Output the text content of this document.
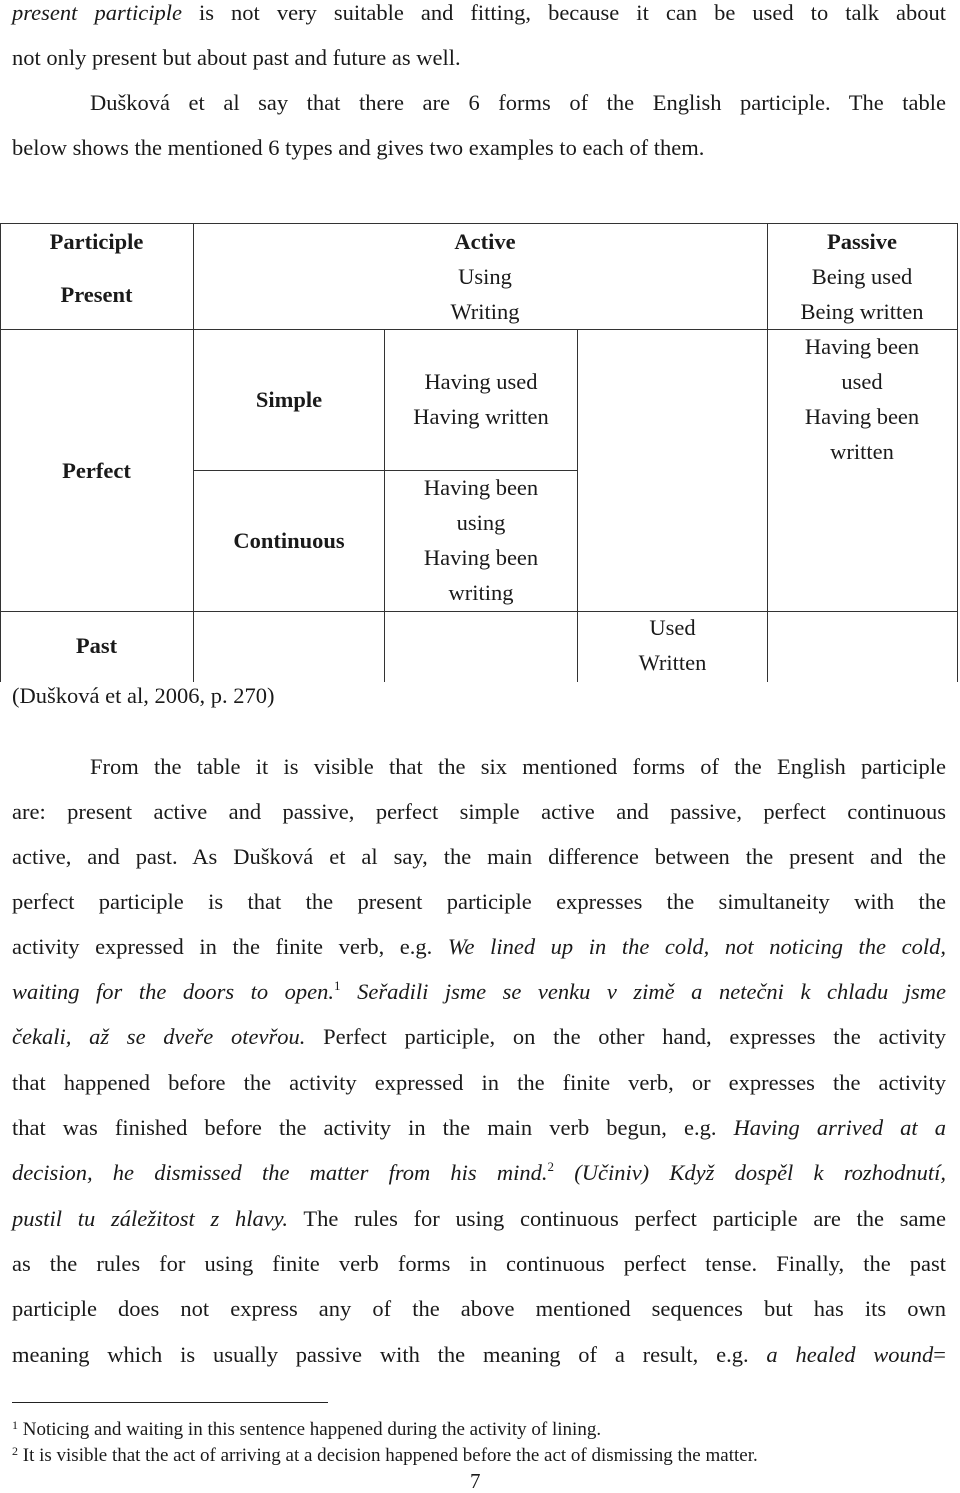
present participle is not very suitable and fitting, because it can be used to talk about
not only present but about past and future as well.
Dušková et al say that there are 6 forms of the English participle. The table
below shows the mentioned 6 types and gives two examples to each of them.
Participle	Active	Passive
Present
Using
Writing
Being used
Being written
Perfect
Simple
Having used
Having written
Having been
used
Having been
written
Continuous
Having been
using
Having been
writing
Past
Used
Written
(Dušková et al, 2006, p. 270)
From the table it is visible that the six mentioned forms of the English participle
are: present active and passive, perfect simple active and passive, perfect continuous
active, and past. As Dušková et al say, the main difference between the present and the
perfect participle is that the present participle expresses the simultaneity with the
activity expressed in the finite verb, e.g. We lined up in the cold, not noticing the cold,
waiting for the doors to open.$^1$ Seřadili jsme se venku v zimě a netečni k chladu jsme
čekali, až se dveře otevřou. Perfect participle, on the other hand, expresses the activity
that happened before the activity expressed in the finite verb, or expresses the activity
that was finished before the activity in the main verb begun, e.g. Having arrived at a
decision, he dismissed the matter from his mind.$^2$ (Učiniv) Když dospěl k rozhodnutí,
pustil tu záležitost z hlavy. The rules for using continuous perfect participle are the same
as the rules for using finite verb forms in continuous perfect tense. Finally, the past
participle does not express any of the above mentioned sequences but has its own
meaning which is usually passive with the meaning of a result, e.g. a healed wound=
$^1$ Noticing and waiting in this sentence happened during the activity of lining.
$^2$ It is visible that the act of arriving at a decision happened before the act of dismissing the matter.
7
